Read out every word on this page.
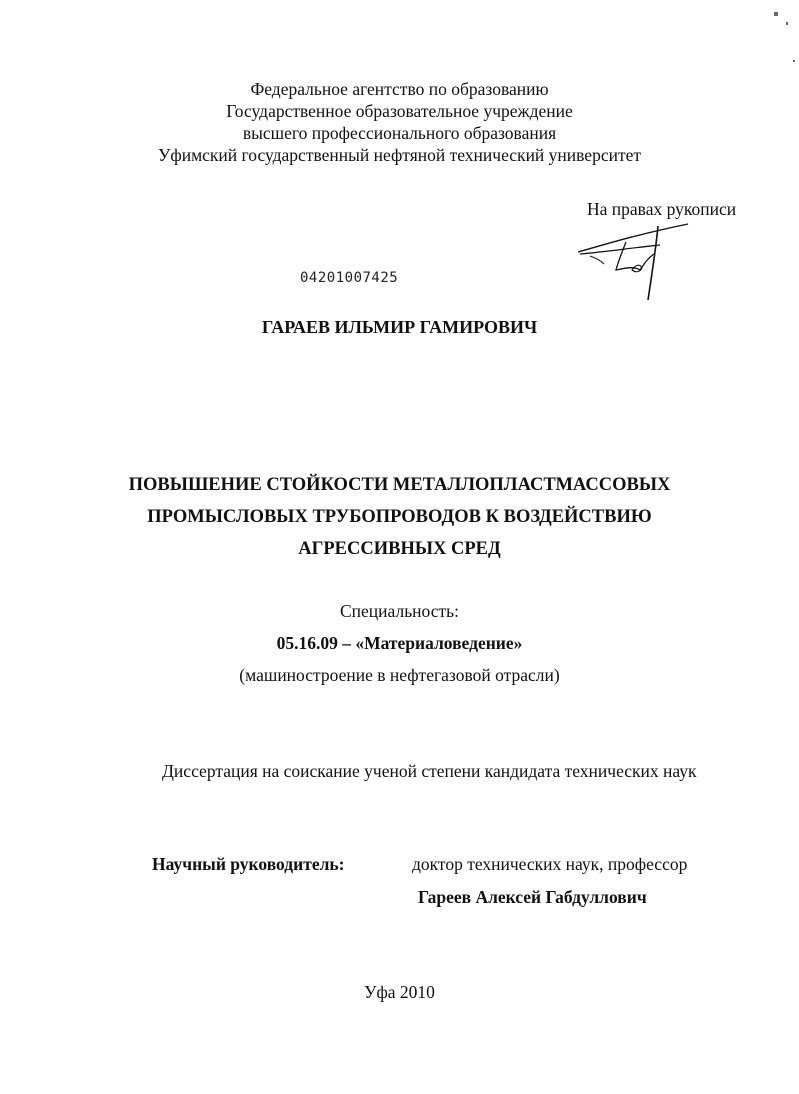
Федеральное агентство по образованию
Государственное образовательное учреждение
высшего профессионального образования
Уфимский государственный нефтяной технический университет
На правах рукописи
04201007425
ГАРАЕВ ИЛЬМИР ГАМИРОВИЧ
ПОВЫШЕНИЕ СТОЙКОСТИ МЕТАЛЛОПЛАСТМАССОВЫХ
ПРОМЫСЛОВЫХ ТРУБОПРОВОДОВ К ВОЗДЕЙСТВИЮ
АГРЕССИВНЫХ СРЕД
Специальность:
05.16.09 – «Материаловедение»
(машиностроение в нефтегазовой отрасли)
Диссертация на соискание ученой степени кандидата технических наук
Научный руководитель:	доктор технических наук, профессор
Гареев Алексей Габдуллович
Уфа 2010
